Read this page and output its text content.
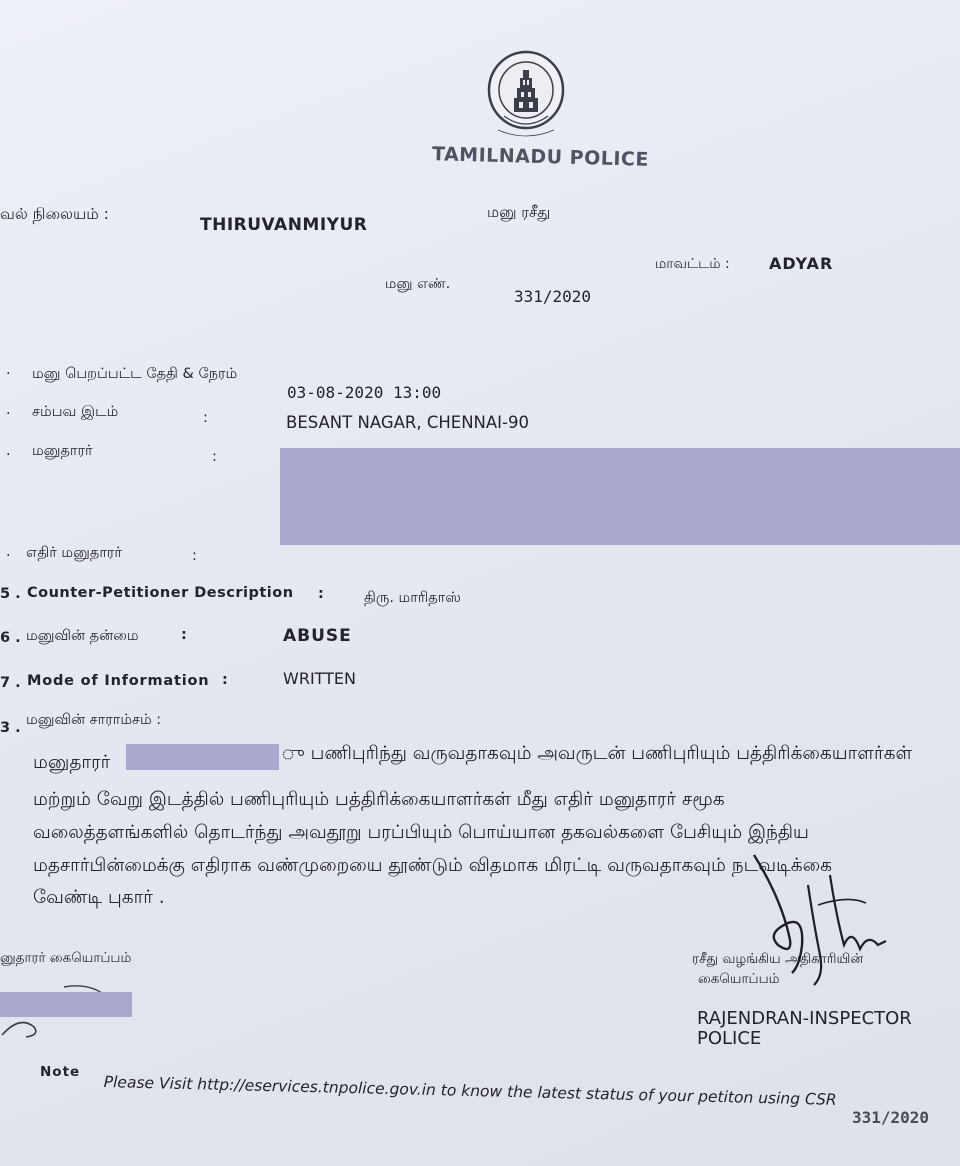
TAMILNADU POLICE
வல் நிலையம் :
THIRUVANMIYUR
மனு ரசீது
மாவட்டம் : ADYAR
மனு எண்.
331/2020
. மனு பெறப்பட்ட தேதி & நேரம்
03-08-2020 13:00
. சம்பவ இடம்	:	BESANT NAGAR, CHENNAI-90
. மனுதாரர்	:
. எதிர் மனுதாரர்	:
5 . Counter-Petitioner Description :	திரு. மாரிதாஸ்
6 . மனுவின் தன்மை	:	ABUSE
7 . Mode of Information :	WRITTEN
3 . மனுவின் சாராம்சம் :
மனுதாரர்	ு பணிபுரிந்து வருவதாகவும் அவருடன் பணிபுரியும் பத்திரிக்கையாளர்கள்
மற்றும் வேறு இடத்தில் பணிபுரியும் பத்திரிக்கையாளர்கள் மீது எதிர் மனுதாரர் சமூக
வலைத்தளங்களில் தொடர்ந்து அவதூறு பரப்பியும் பொய்யான தகவல்களை பேசியும் இந்திய
மதசார்பின்மைக்கு எதிராக வண்முறையை தூண்டும் விதமாக மிரட்டி வருவதாகவும் நடவடிக்கை
வேண்டி புகார் .
னுதாரர் கையொப்பம்	ரசீது வழங்கிய அதிகாரியின்
கையொப்பம்
RAJENDRAN-INSPECTOR
POLICE
Note
Please Visit http://eservices.tnpolice.gov.in to know the latest status of your petiton using CSR
331/2020
